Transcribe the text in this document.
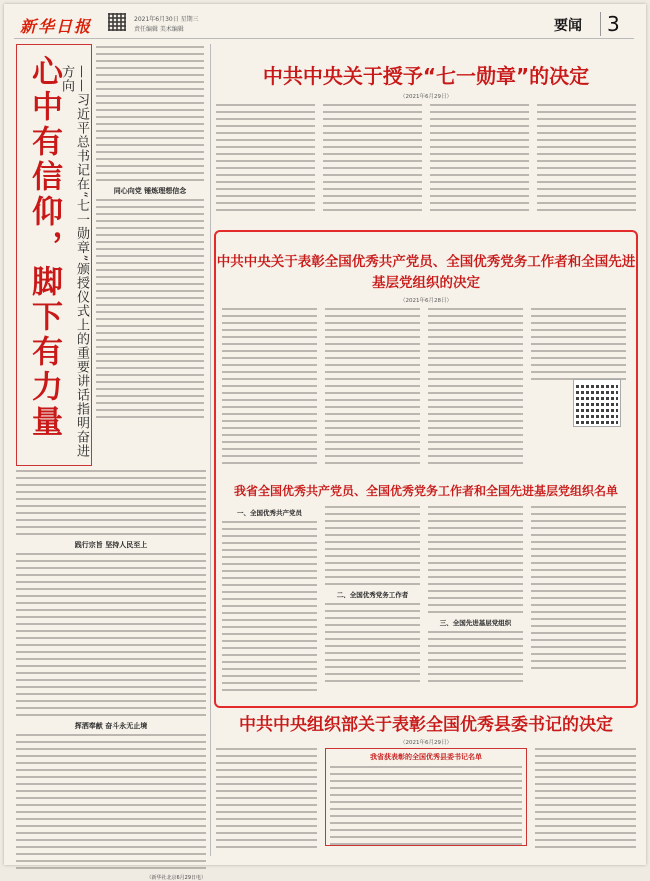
新华日报	2021年6月30日 星期三
责任编辑 美术编辑	要闻	3
心中有信仰，脚下有力量 ——习近平总书记在“七一勋章”颁授仪式上的重要讲话指明奋进方向
同心向党 锤炼理想信念
践行宗旨 坚持人民至上
挥洒奉献 奋斗永无止境
（新华社北京6月29日电）
中共中央关于授予“七一勋章”的决定
（2021年6月29日）
中共中央关于表彰全国优秀共产党员、全国优秀党务工作者和全国先进基层党组织的决定
（2021年6月28日）
我省全国优秀共产党员、全国优秀党务工作者和全国先进基层党组织名单
一、全国优秀共产党员
二、全国优秀党务工作者
三、全国先进基层党组织
中共中央组织部关于表彰全国优秀县委书记的决定
（2021年6月29日）
我省获表彰的全国优秀县委书记名单
